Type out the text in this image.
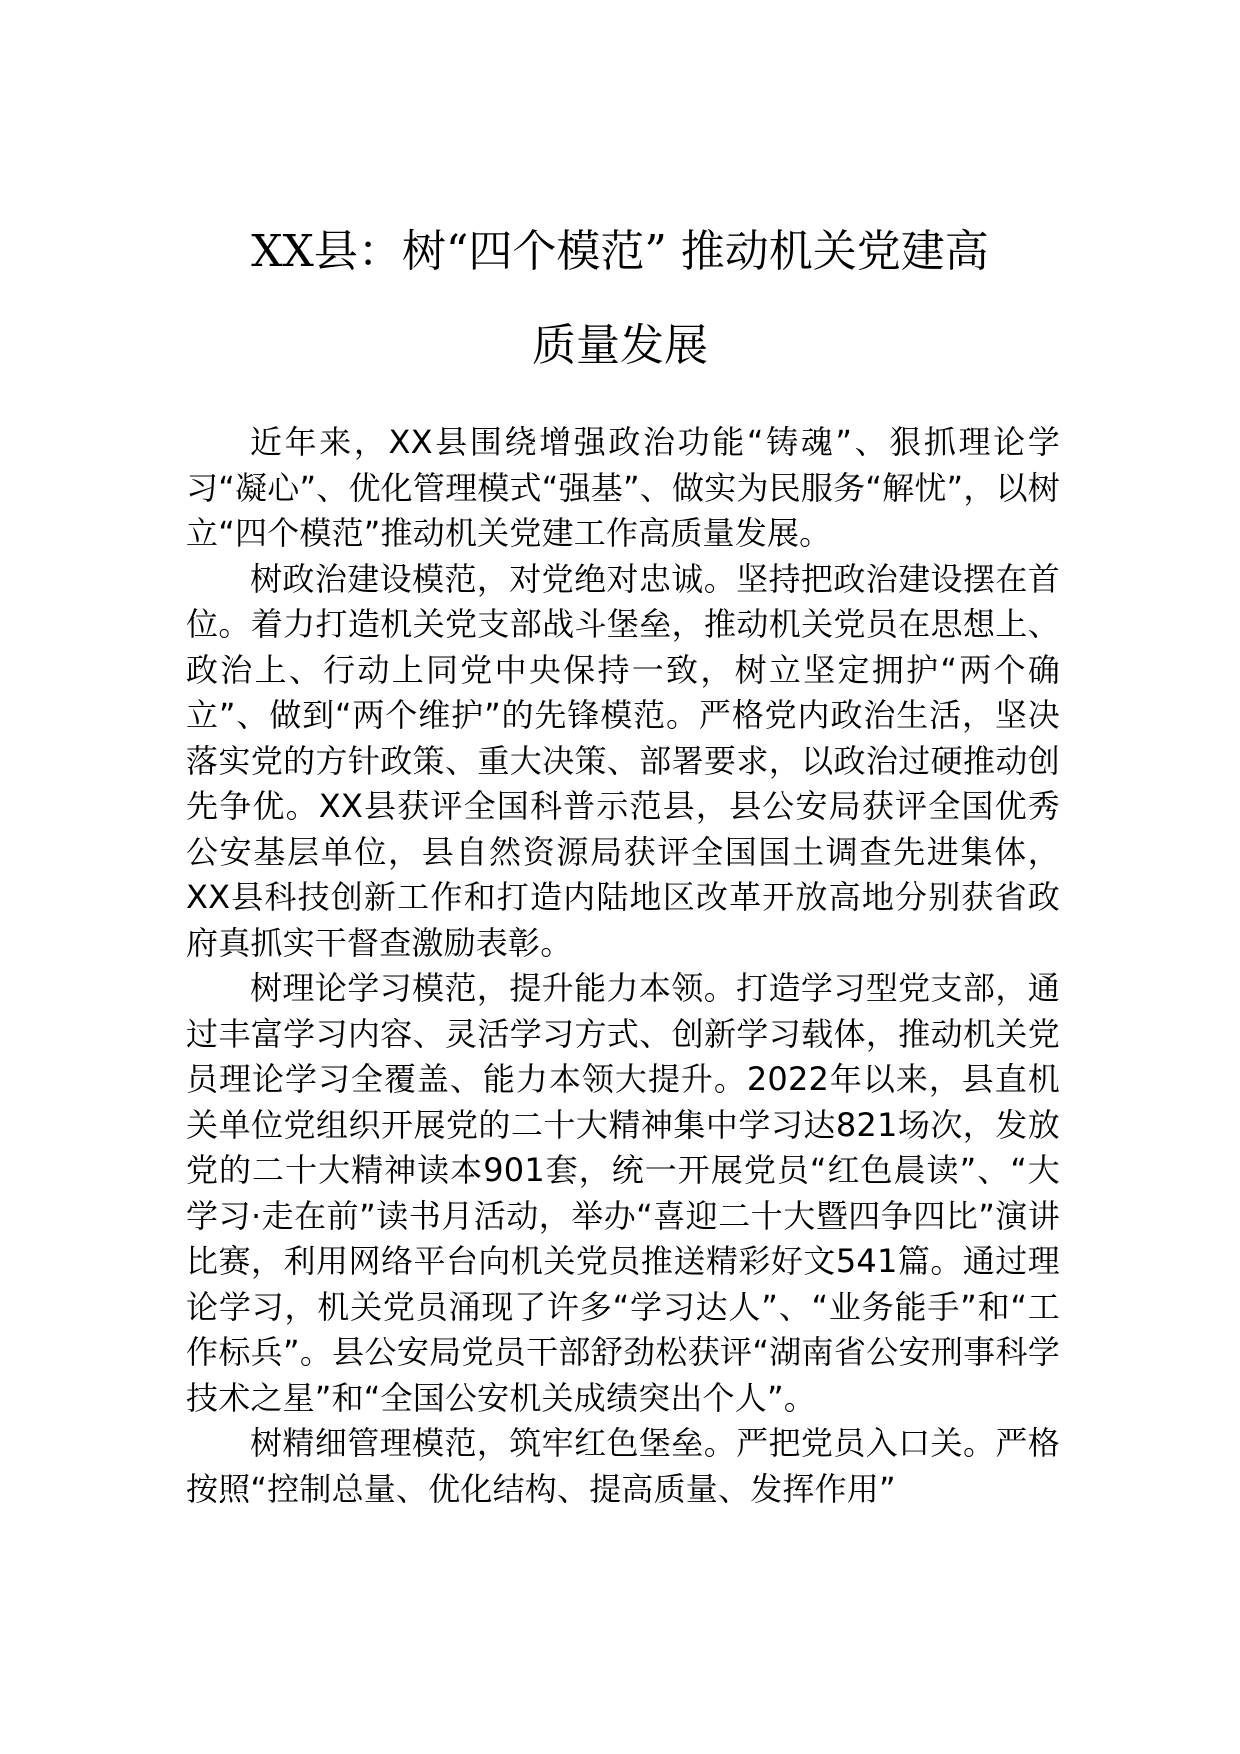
XX县：树“四个模范” 推动机关党建高
质量发展

近年来，XX县围绕增强政治功能“铸魂”、狠抓理论学习“凝心”、优化管理模式“强基”、做实为民服务“解忧”，以树立“四个模范”推动机关党建工作高质量发展。

树政治建设模范，对党绝对忠诚。坚持把政治建设摆在首位。着力打造机关党支部战斗堡垒，推动机关党员在思想上、政治上、行动上同党中央保持一致，树立坚定拥护“两个确立”、做到“两个维护”的先锋模范。严格党内政治生活，坚决落实党的方针政策、重大决策、部署要求，以政治过硬推动创先争优。XX县获评全国科普示范县，县公安局获评全国优秀公安基层单位，县自然资源局获评全国国土调查先进集体，XX县科技创新工作和打造内陆地区改革开放高地分别获省政府真抓实干督查激励表彰。

树理论学习模范，提升能力本领。打造学习型党支部，通过丰富学习内容、灵活学习方式、创新学习载体，推动机关党员理论学习全覆盖、能力本领大提升。2022年以来，县直机关单位党组织开展党的二十大精神集中学习达821场次，发放党的二十大精神读本901套，统一开展党员“红色晨读”、“大学习·走在前”读书月活动，举办“喜迎二十大暨四争四比”演讲比赛，利用网络平台向机关党员推送精彩好文541篇。通过理论学习，机关党员涌现了许多“学习达人”、“业务能手”和“工作标兵”。县公安局党员干部舒劲松获评“湖南省公安刑事科学技术之星”和“全国公安机关成绩突出个人”。

树精细管理模范，筑牢红色堡垒。严把党员入口关。严格按照“控制总量、优化结构、提高质量、发挥作用”
